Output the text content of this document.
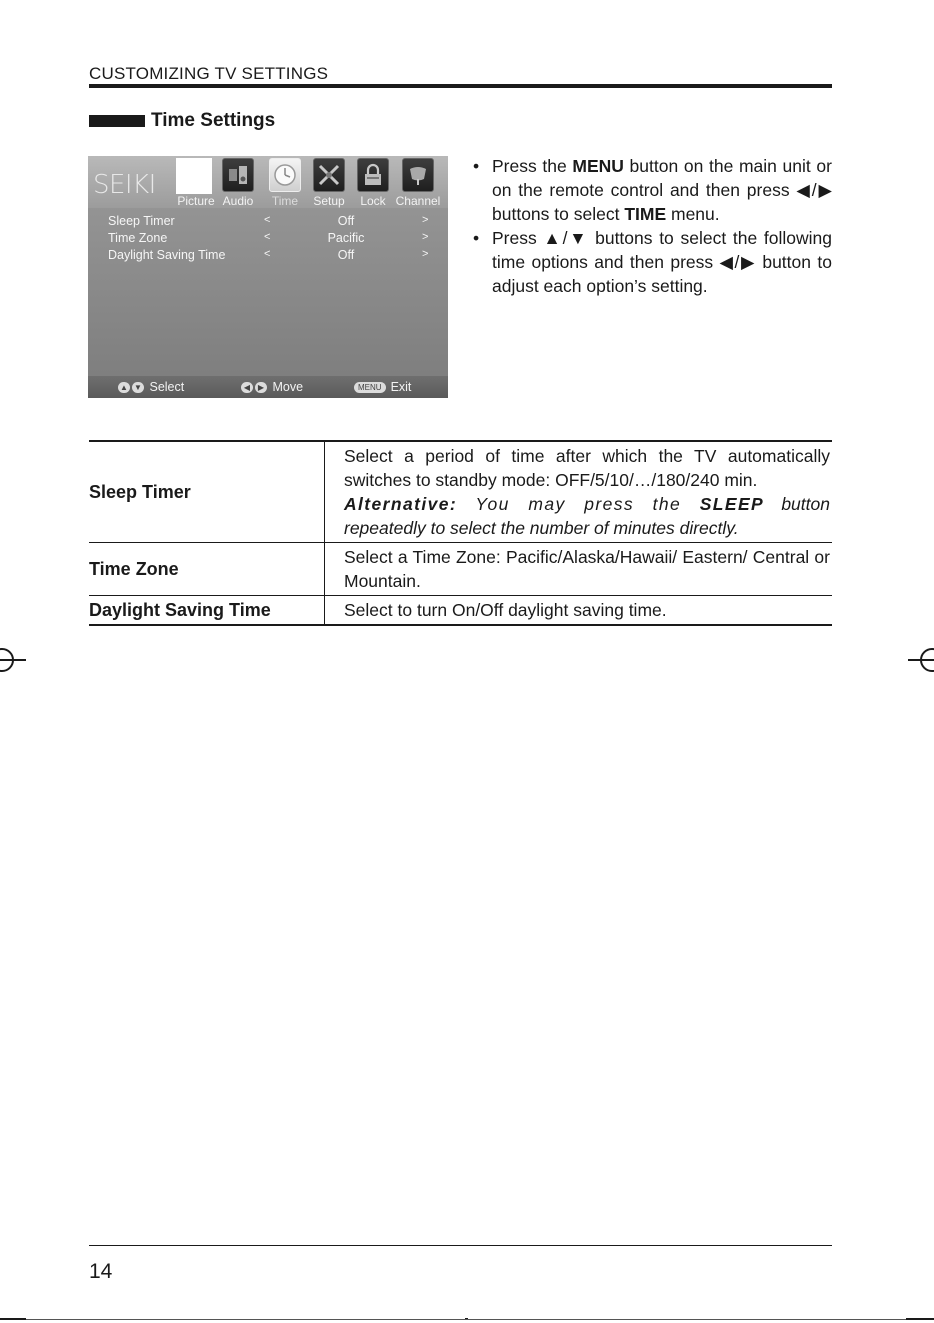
CUSTOMIZING TV SETTINGS
Time Settings
SEIKI
Picture Audio	Time	Setup	Lock Channel
Sleep Timer	<	Off	>
Time Zone	<	Pacific	>
Daylight Saving Time	<	Off	>
▲ ▼ Select	◀ ▶ Move	MENU Exit
• Press the MENU button on the main unit or on the remote control and then press ◀/▶ buttons to select TIME menu.
• Press ▲/▼ buttons to select the following time options and then press ◀/▶ button to adjust each option’s setting.
Sleep Timer	Select a period of time after which the TV automatically switches to standby mode: OFF/5/10/…/180/240 min.
Alternative: You may press the SLEEP button repeatedly to select the number of minutes directly.
Time Zone	Select a Time Zone: Pacific/Alaska/Hawaii/ Eastern/ Central or Mountain.
Daylight Saving Time	Select to turn On/Off daylight saving time.
14
